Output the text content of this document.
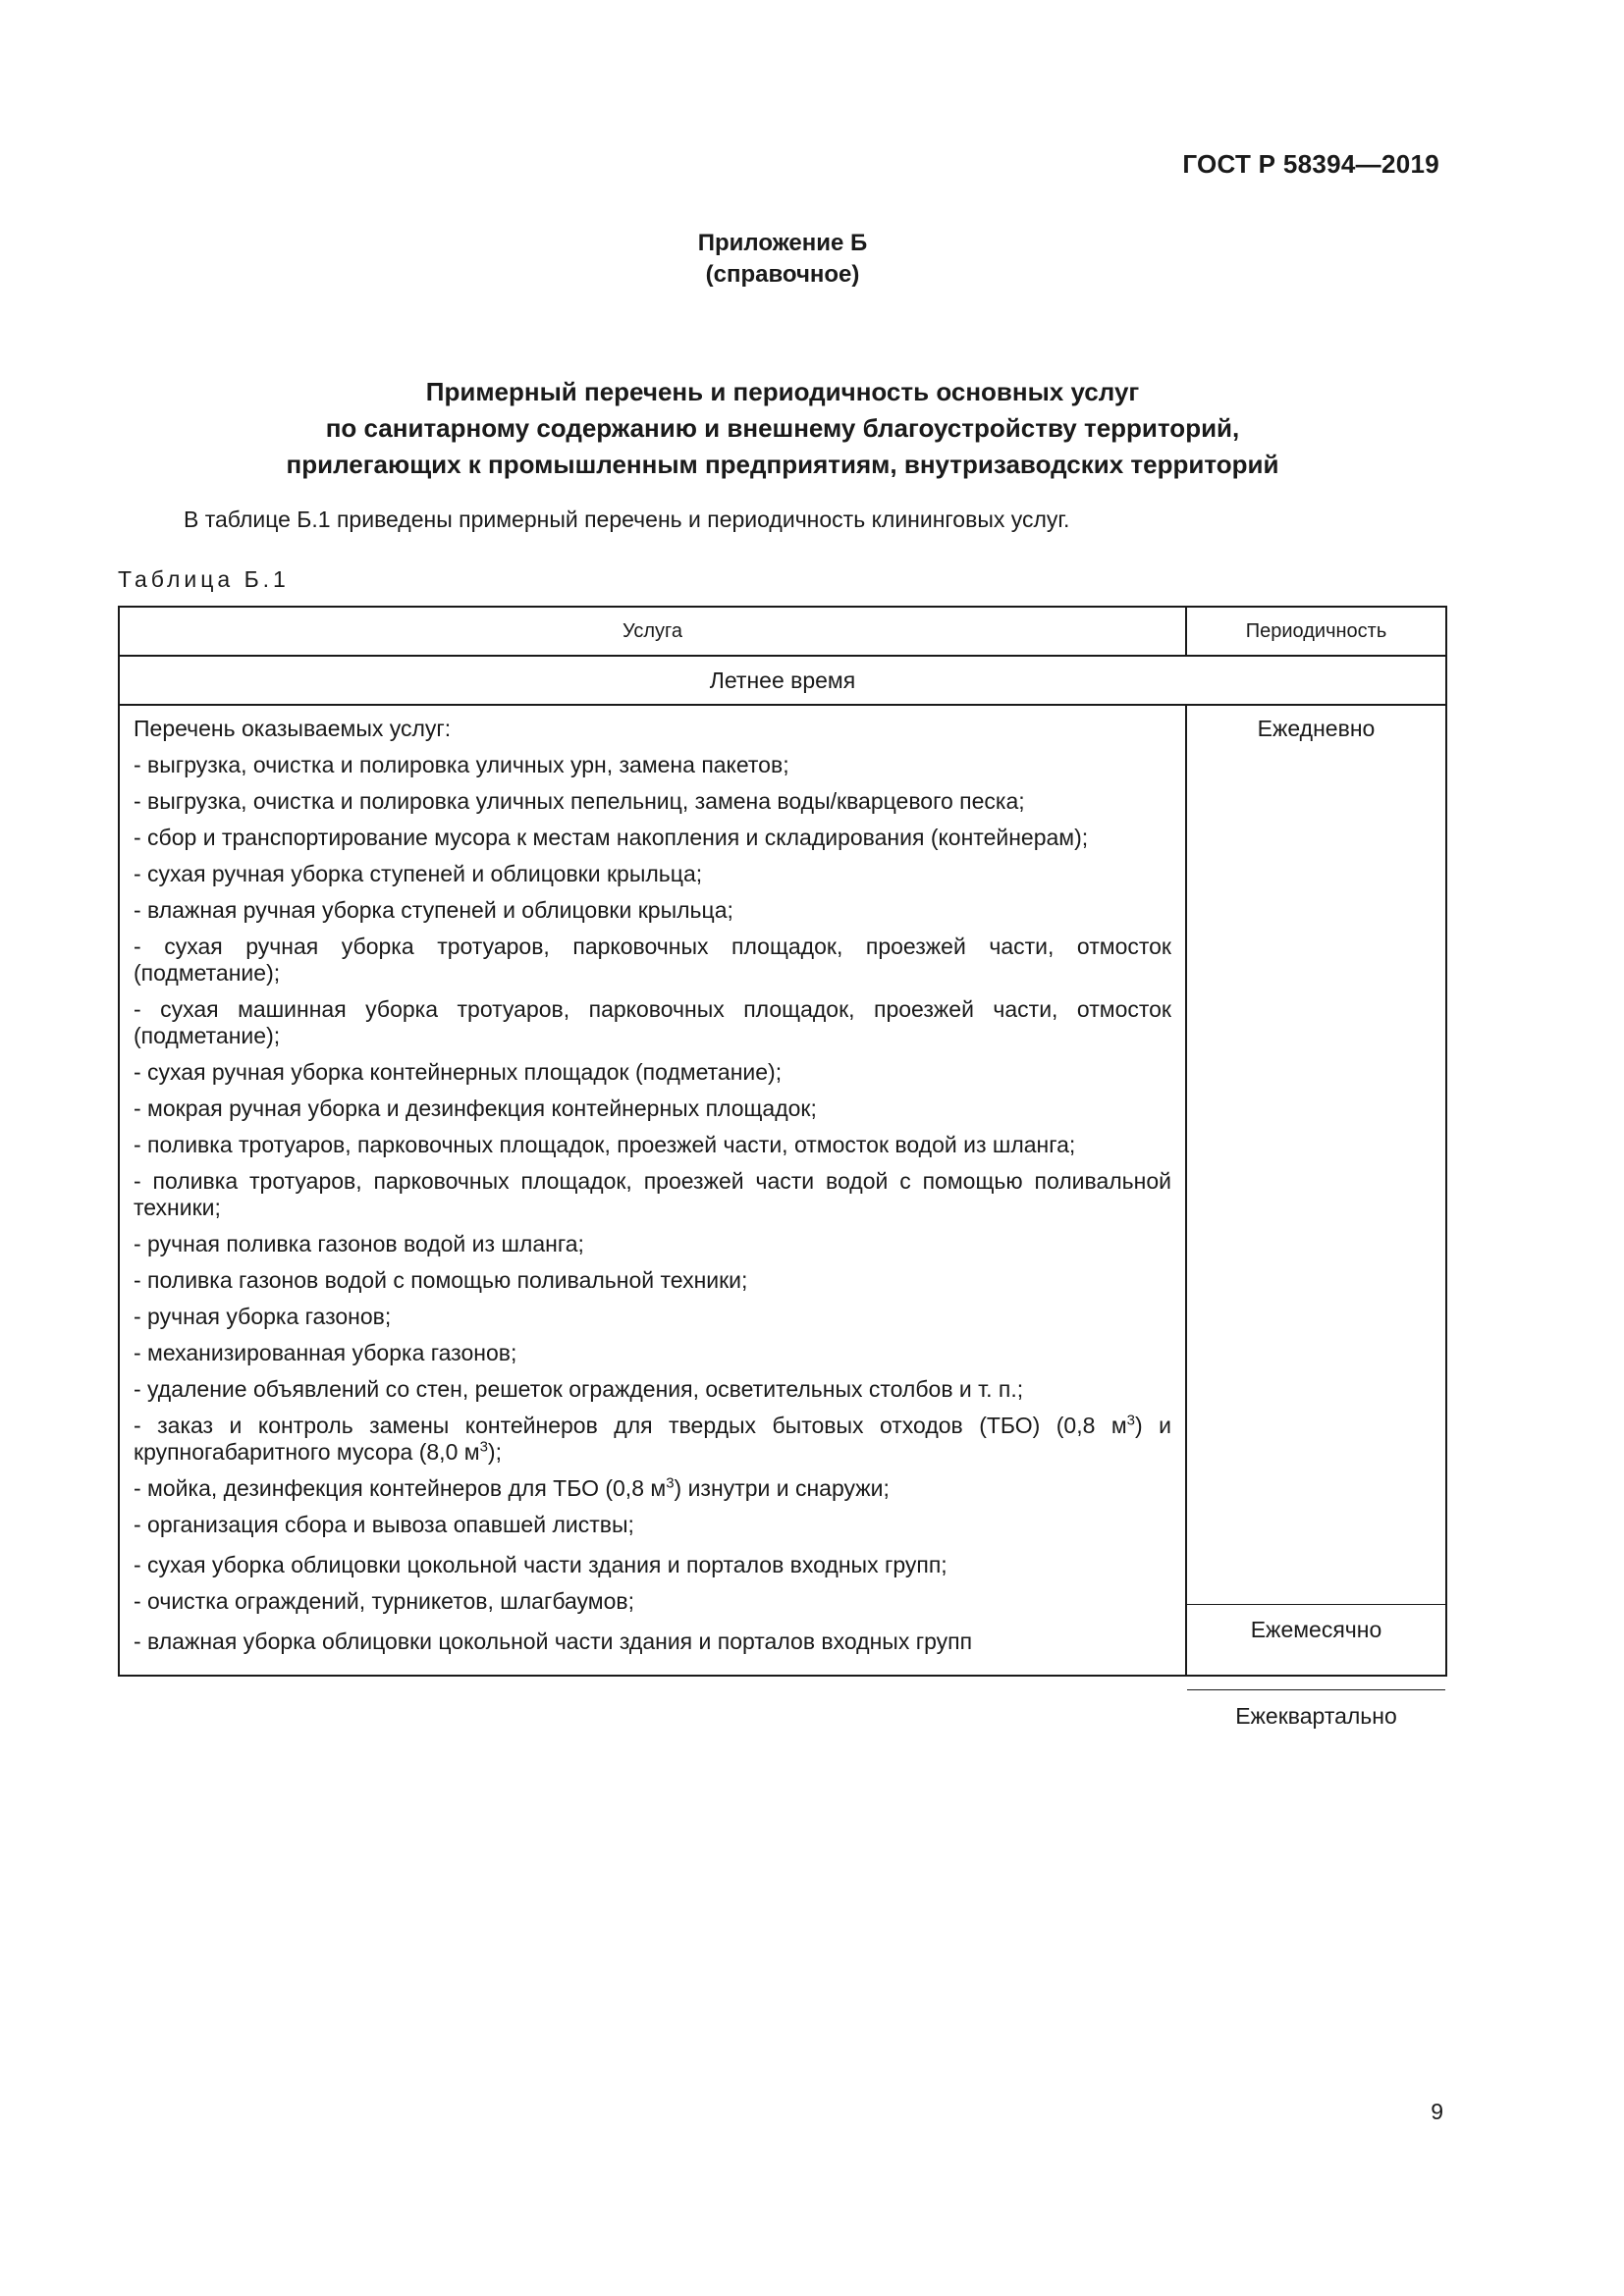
ГОСТ Р 58394—2019
Приложение Б
(справочное)
Примерный перечень и периодичность основных услуг
по санитарному содержанию и внешнему благоустройству территорий,
прилегающих к промышленным предприятиям, внутризаводских территорий
В таблице Б.1 приведены примерный перечень и периодичность клининговых услуг.
Таблица Б.1
Услуга	Периодичность
Летнее время
Перечень оказываемых услуг:
- выгрузка, очистка и полировка уличных урн, замена пакетов;
- выгрузка, очистка и полировка уличных пепельниц, замена воды/кварцевого песка;
- сбор и транспортирование мусора к местам накопления и складирования (контейнерам);
- сухая ручная уборка ступеней и облицовки крыльца;
- влажная ручная уборка ступеней и облицовки крыльца;
- сухая ручная уборка тротуаров, парковочных площадок, проезжей части, отмосток (подметание);
- сухая машинная уборка тротуаров, парковочных площадок, проезжей части, отмосток (подметание);
- сухая ручная уборка контейнерных площадок (подметание);
- мокрая ручная уборка и дезинфекция контейнерных площадок;
- поливка тротуаров, парковочных площадок, проезжей части, отмосток водой из шланга;
- поливка тротуаров, парковочных площадок, проезжей части водой с помощью поливальной техники;
- ручная поливка газонов водой из шланга;
- поливка газонов водой с помощью поливальной техники;
- ручная уборка газонов;
- механизированная уборка газонов;
- удаление объявлений со стен, решеток ограждения, осветительных столбов и т. п.;
- заказ и контроль замены контейнеров для твердых бытовых отходов (ТБО) (0,8 $м^3$) и крупногабаритного мусора (8,0 $м^3$);
- мойка, дезинфекция контейнеров для ТБО (0,8 $м^3$) изнутри и снаружи;
- организация сбора и вывоза опавшей листвы;
- сухая уборка облицовки цокольной части здания и порталов входных групп;
- очистка ограждений, турникетов, шлагбаумов;
- влажная уборка облицовки цокольной части здания и порталов входных групп
Ежедневно
Ежемесячно
Ежеквартально
9
